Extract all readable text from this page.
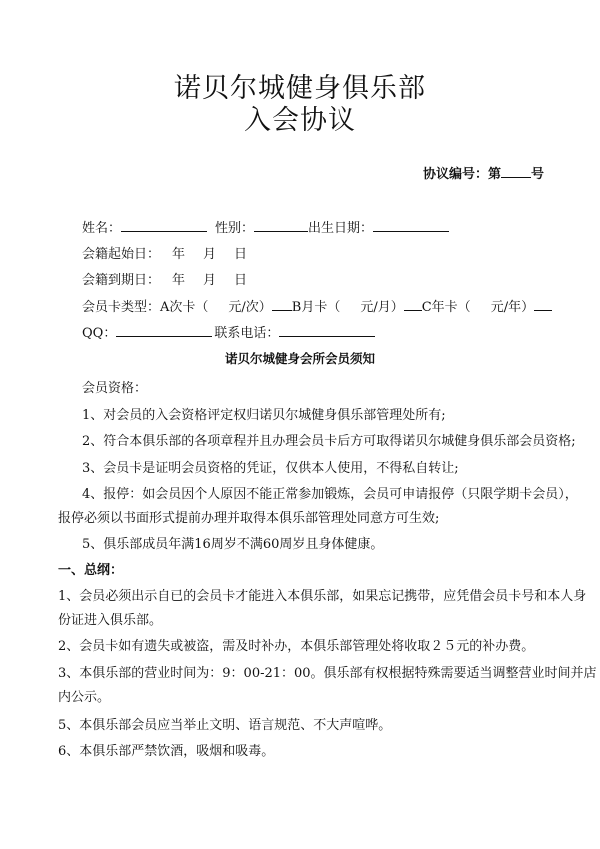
诺贝尔城健身俱乐部
入会协议
协议编号：第 号
姓名：	性别：	出生日期：
会籍起始日： 年 月 日
会籍到期日： 年 月 日
会员卡类型：A次卡（ 元/次） B月卡（ 元/月） C年卡（ 元/年）
QQ：	联系电话：
诺贝尔城健身会所会员须知
会员资格：
1、对会员的入会资格评定权归诺贝尔城健身俱乐部管理处所有;
2、符合本俱乐部的各项章程并且办理会员卡后方可取得诺贝尔城健身俱乐部会员资格;
3、会员卡是证明会员资格的凭证，仅供本人使用，不得私自转让;
4、报停：如会员因个人原因不能正常参加锻炼，会员可申请报停（只限学期卡会员），
报停必须以书面形式提前办理并取得本俱乐部管理处同意方可生效;
5、俱乐部成员年满16周岁不满60周岁且身体健康。
一、总纲：
1、会员必须出示自已的会员卡才能进入本俱乐部，如果忘记携带，应凭借会员卡号和本人身
份证进入俱乐部。
2、会员卡如有遗失或被盗，需及时补办，本俱乐部管理处将收取２５元的补办费。
3、本俱乐部的营业时间为：9：00-21：00。俱乐部有权根据特殊需要适当调整营业时间并店
内公示。
5、本俱乐部会员应当举止文明、语言规范、不大声喧哗。
6、本俱乐部严禁饮酒，吸烟和吸毒。
